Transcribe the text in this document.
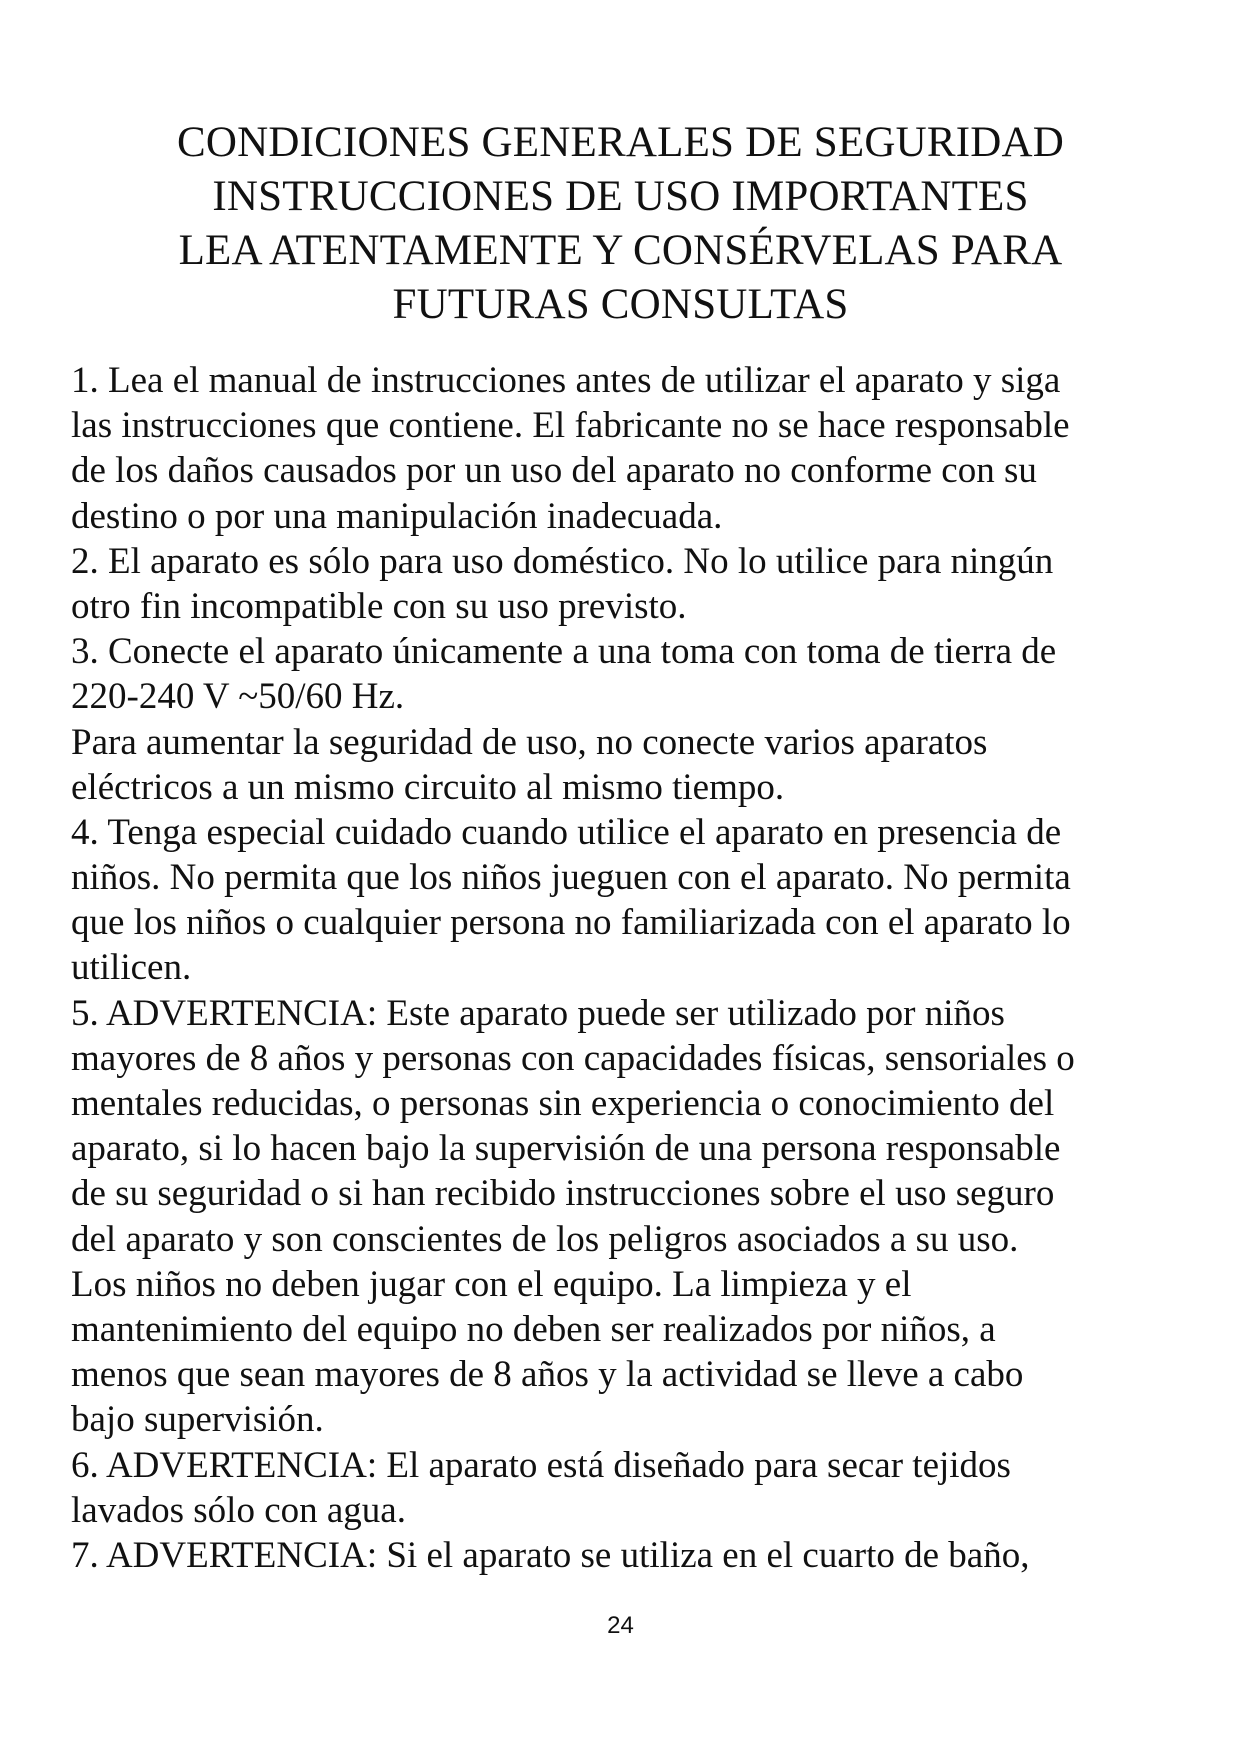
CONDICIONES GENERALES DE SEGURIDAD
INSTRUCCIONES DE USO IMPORTANTES
LEA ATENTAMENTE Y CONSÉRVELAS PARA
FUTURAS CONSULTAS
1. Lea el manual de instrucciones antes de utilizar el aparato y siga
las instrucciones que contiene. El fabricante no se hace responsable
de los daños causados por un uso del aparato no conforme con su
destino o por una manipulación inadecuada.
2. El aparato es sólo para uso doméstico. No lo utilice para ningún
otro fin incompatible con su uso previsto.
3. Conecte el aparato únicamente a una toma con toma de tierra de
220-240 V ~50/60 Hz.
Para aumentar la seguridad de uso, no conecte varios aparatos
eléctricos a un mismo circuito al mismo tiempo.
4. Tenga especial cuidado cuando utilice el aparato en presencia de
niños. No permita que los niños jueguen con el aparato. No permita
que los niños o cualquier persona no familiarizada con el aparato lo
utilicen.
5. ADVERTENCIA: Este aparato puede ser utilizado por niños
mayores de 8 años y personas con capacidades físicas, sensoriales o
mentales reducidas, o personas sin experiencia o conocimiento del
aparato, si lo hacen bajo la supervisión de una persona responsable
de su seguridad o si han recibido instrucciones sobre el uso seguro
del aparato y son conscientes de los peligros asociados a su uso.
Los niños no deben jugar con el equipo. La limpieza y el
mantenimiento del equipo no deben ser realizados por niños, a
menos que sean mayores de 8 años y la actividad se lleve a cabo
bajo supervisión.
6. ADVERTENCIA: El aparato está diseñado para secar tejidos
lavados sólo con agua.
7. ADVERTENCIA: Si el aparato se utiliza en el cuarto de baño,
24
